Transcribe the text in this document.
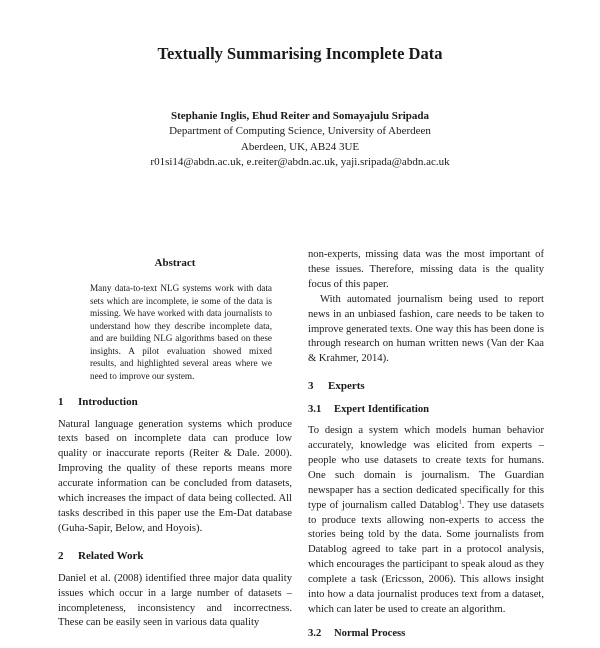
Textually Summarising Incomplete Data
Stephanie Inglis, Ehud Reiter and Somayajulu Sripada
Department of Computing Science, University of Aberdeen
Aberdeen, UK, AB24 3UE
r01si14@abdn.ac.uk, e.reiter@abdn.ac.uk, yaji.sripada@abdn.ac.uk
Abstract

Many data-to-text NLG systems work with data sets which are incomplete, ie some of the data is missing. We have worked with data journalists to understand how they describe incomplete data, and are building NLG algorithms based on these insights. A pilot evaluation showed mixed results, and highlighted several areas where we need to improve our system.

1 Introduction

Natural language generation systems which produce texts based on incomplete data can produce low quality or inaccurate reports (Reiter & Dale. 2000). Improving the quality of these reports means more accurate information can be concluded from datasets, which increases the impact of data being collected. All tasks described in this paper use the Em-Dat database (Guha-Sapir, Below, and Hoyois).

2 Related Work

Daniel et al. (2008) identified three major data quality issues which occur in a large number of datasets – incompleteness, inconsistency and incorrectness. These can be easily seen in various data quality

non-experts, missing data was the most important of these issues. Therefore, missing data is the quality focus of this paper.

With automated journalism being used to report news in an unbiased fashion, care needs to be taken to improve generated texts. One way this has been done is through research on human written news (Van der Kaa & Krahmer, 2014).

3 Experts
3.1 Expert Identification

To design a system which models human behavior accurately, knowledge was elicited from experts – people who use datasets to create texts for humans. One such domain is journalism. The Guardian newspaper has a section dedicated specifically for this type of journalism called Datablog$^1$. They use datasets to produce texts allowing non-experts to access the stories being told by the data. Some journalists from Datablog agreed to take part in a protocol analysis, which encourages the participant to speak aloud as they complete a task (Ericsson, 2006). This allows insight into how a data journalist produces text from a dataset, which can later be used to create an algorithm.

3.2 Normal Process
